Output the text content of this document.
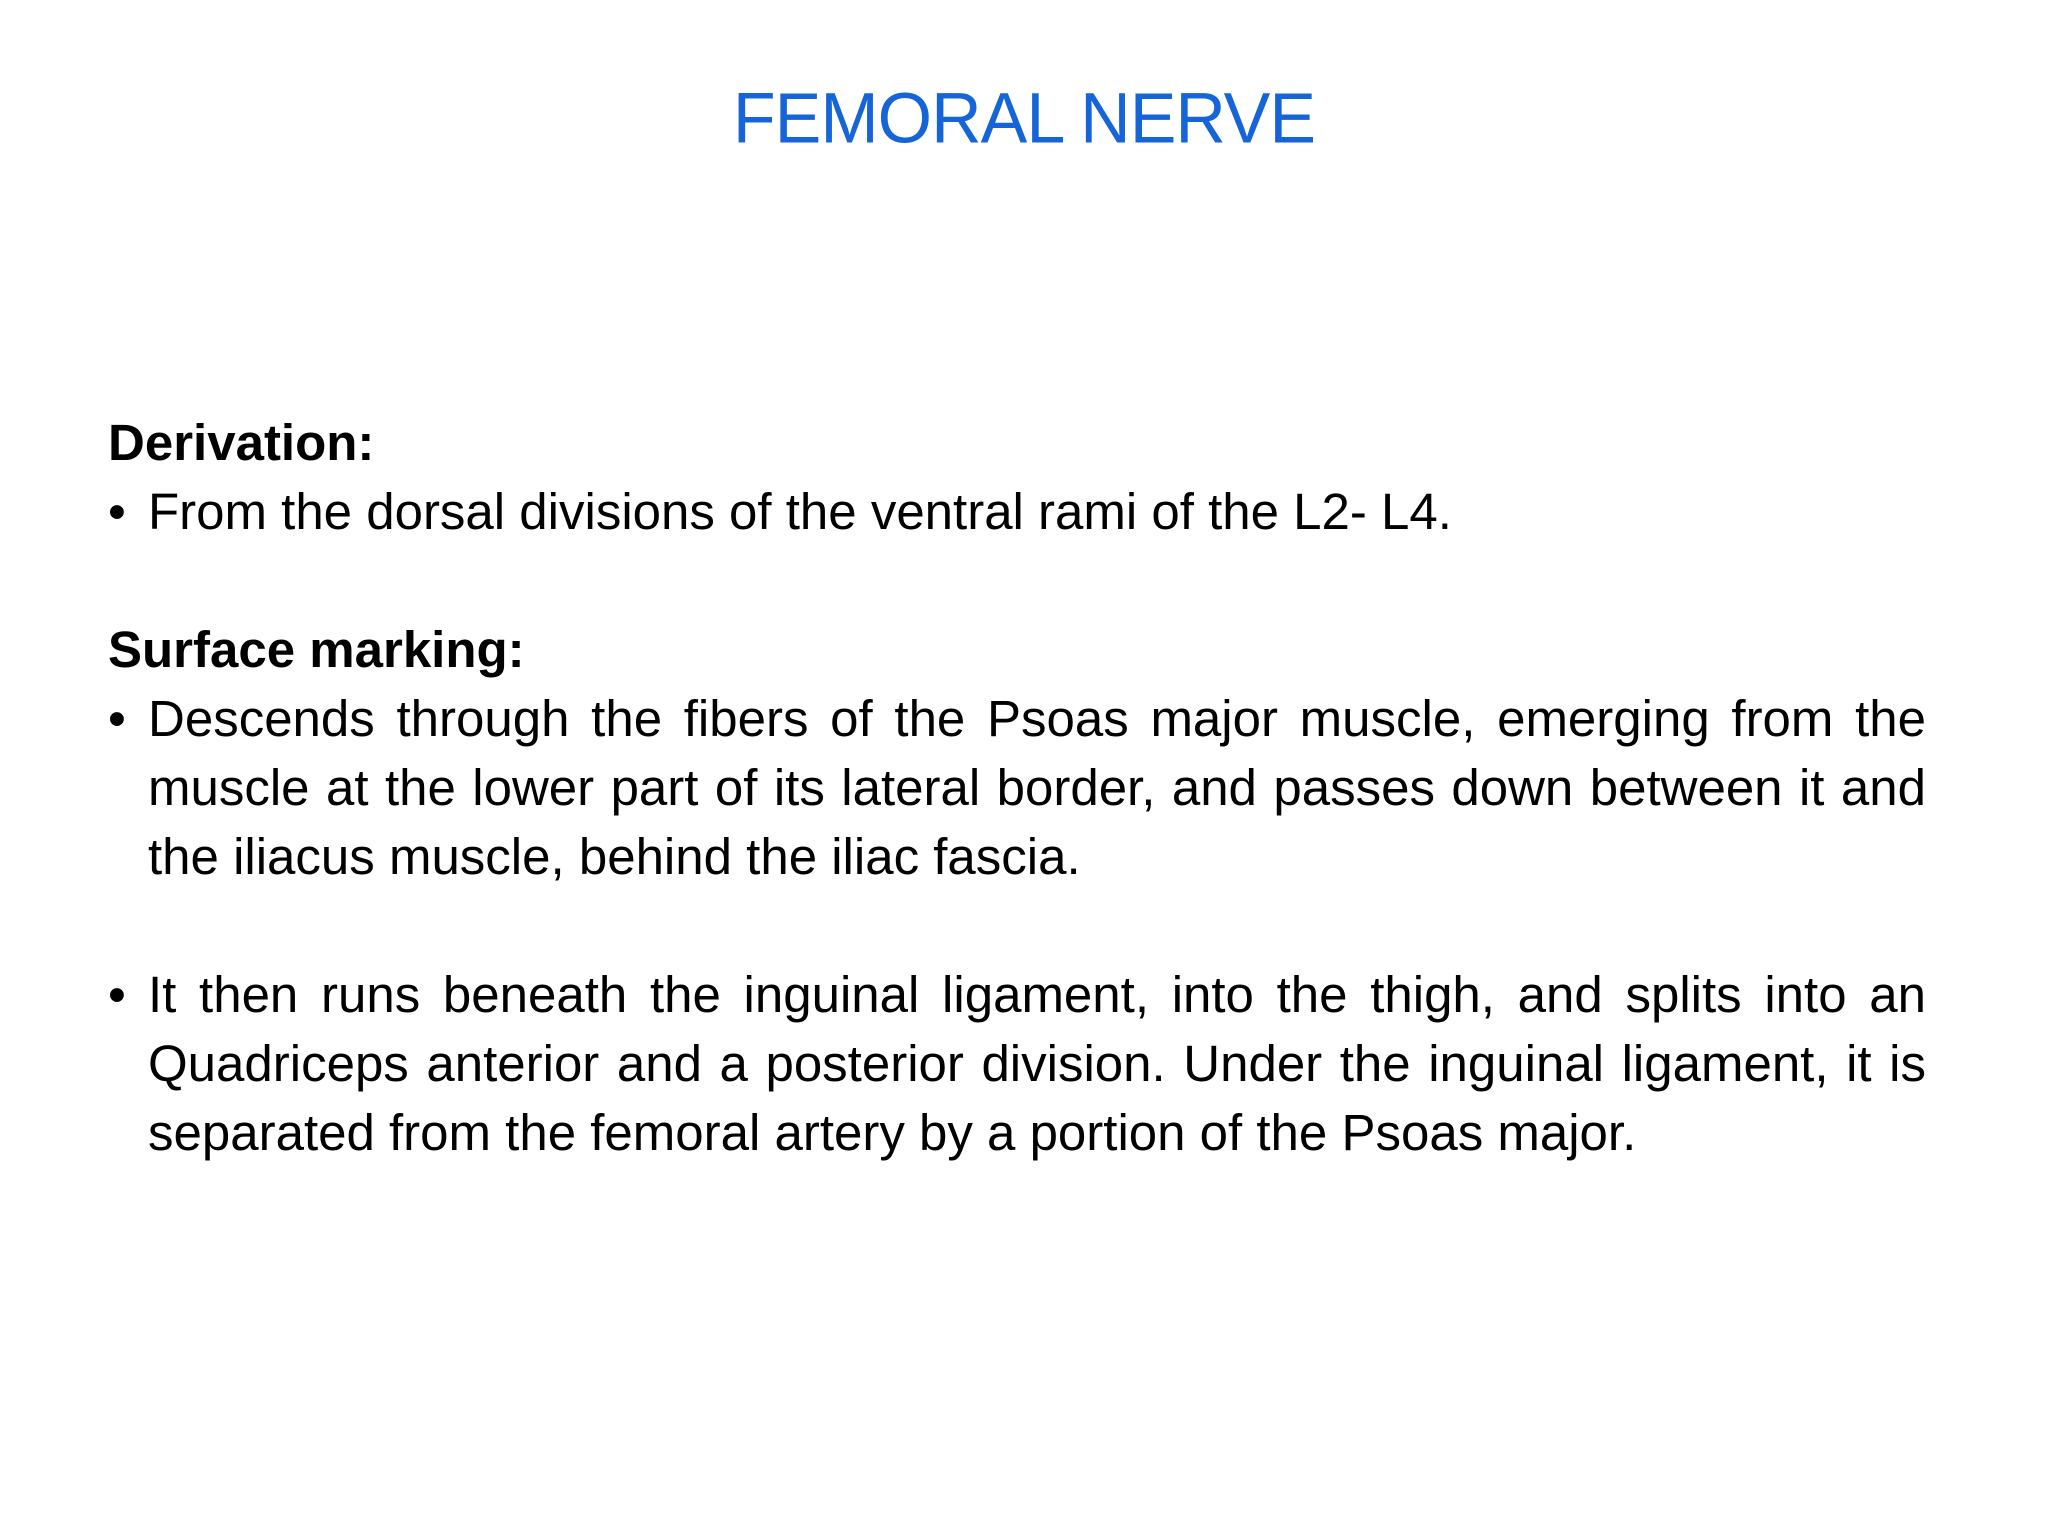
FEMORAL NERVE

Derivation:

• From the dorsal divisions of the ventral rami of the L2- L4.

Surface marking:

• Descends through the fibers of the Psoas major muscle, emerging from the muscle at the lower part of its lateral border, and passes down between it and the iliacus muscle, behind the iliac fascia.
• It then runs beneath the inguinal ligament, into the thigh, and splits into an Quadriceps anterior and a posterior division. Under the inguinal ligament, it is separated from the femoral artery by a portion of the Psoas major.
